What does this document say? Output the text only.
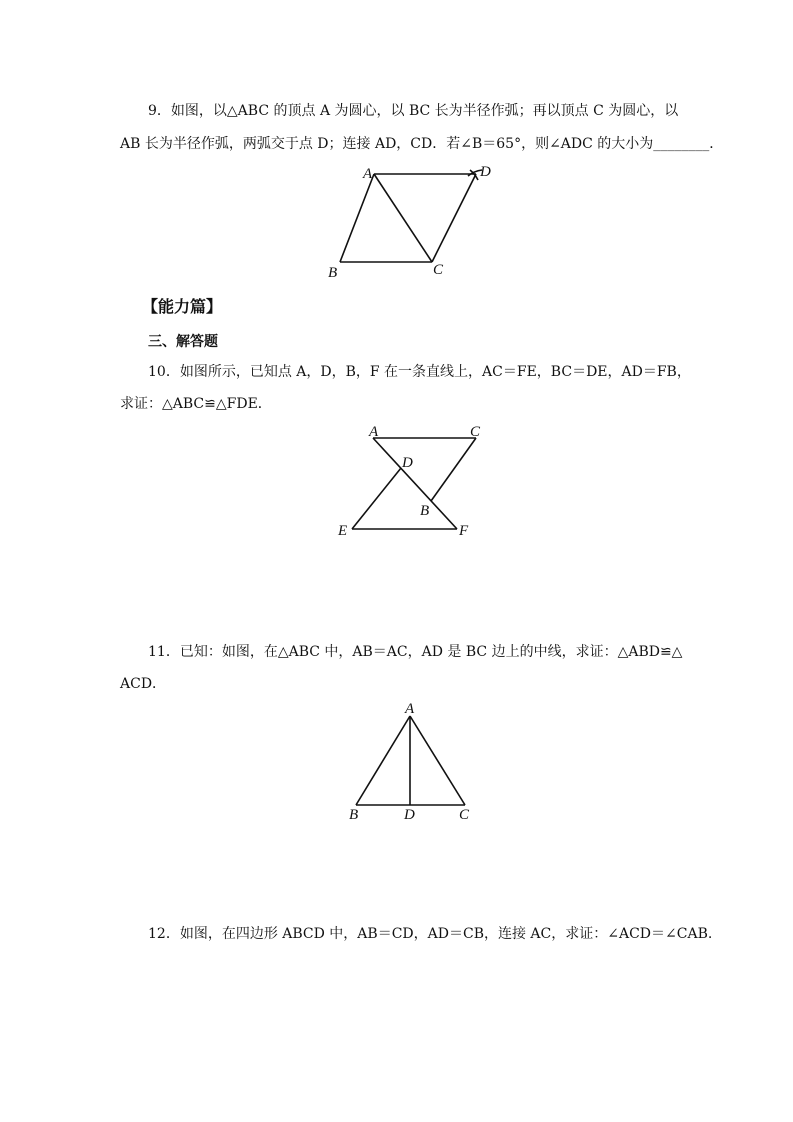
9．如图，以△ABC 的顶点 A 为圆心，以 BC 长为半径作弧；再以顶点 C 为圆心，以
AB 长为半径作弧，两弧交于点 D；连接 AD，CD．若∠B＝65°，则∠ADC 的大小为________．
A	D
B	C
【能力篇】
三、解答题
10．如图所示，已知点 A，D，B，F 在一条直线上，AC＝FE，BC＝DE，AD＝FB，
求证：△ABC≌△FDE．
A	C
D
B
E	F
11．已知：如图，在△ABC 中，AB＝AC，AD 是 BC 边上的中线，求证：△ABD≌△
ACD．
A
B	D	C
12．如图，在四边形 ABCD 中，AB＝CD，AD＝CB，连接 AC，求证：∠ACD＝∠CAB.
